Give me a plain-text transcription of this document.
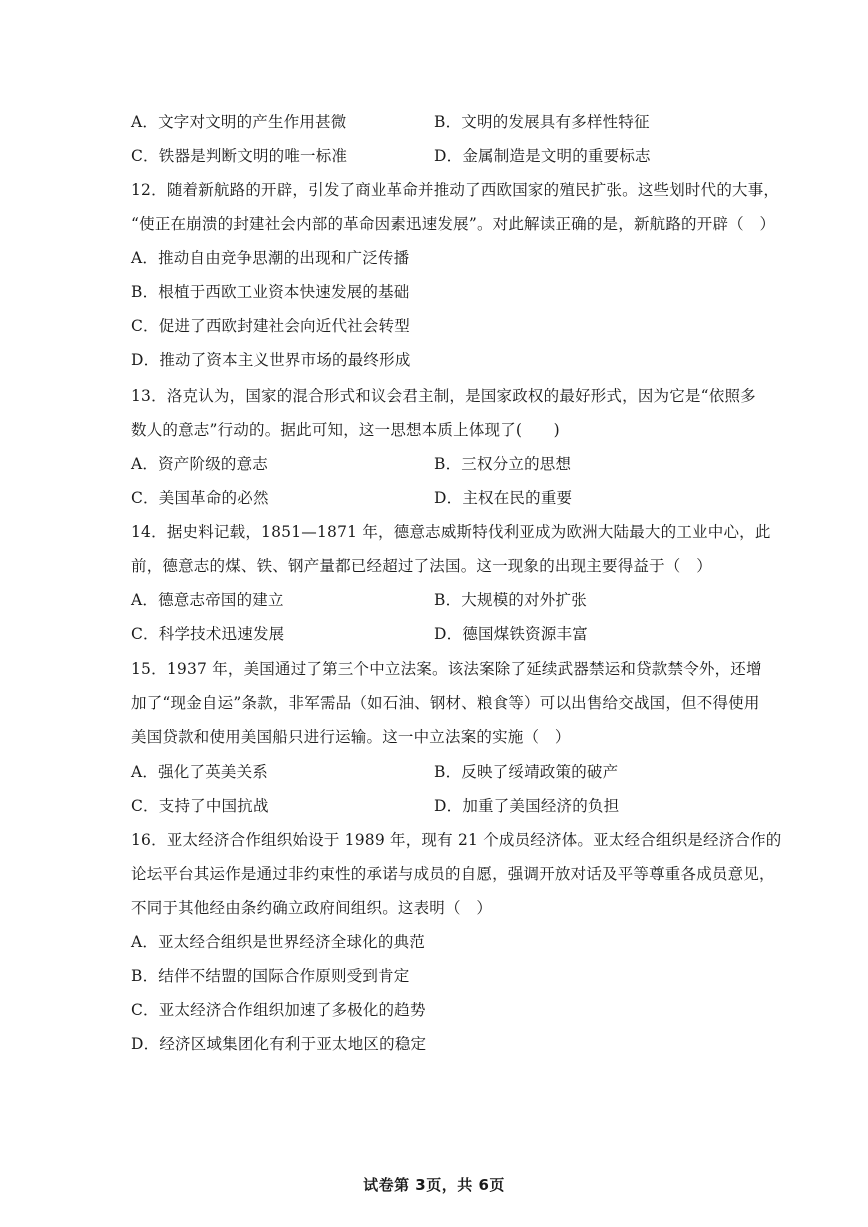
A．文字对文明的产生作用甚微	B．文明的发展具有多样性特征
C．铁器是判断文明的唯一标准	D．金属制造是文明的重要标志
12．随着新航路的开辟，引发了商业革命并推动了西欧国家的殖民扩张。这些划时代的大事，
“使正在崩溃的封建社会内部的革命因素迅速发展”。对此解读正确的是，新航路的开辟（　）
A．推动自由竞争思潮的出现和广泛传播
B．根植于西欧工业资本快速发展的基础
C．促进了西欧封建社会向近代社会转型
D．推动了资本主义世界市场的最终形成
13．洛克认为，国家的混合形式和议会君主制，是国家政权的最好形式，因为它是“依照多
数人的意志”行动的。据此可知，这一思想本质上体现了(　　)
A．资产阶级的意志	B．三权分立的思想
C．美国革命的必然	D．主权在民的重要
14．据史料记载，1851—1871 年，德意志威斯特伐利亚成为欧洲大陆最大的工业中心，此
前，德意志的煤、铁、钢产量都已经超过了法国。这一现象的出现主要得益于（　）
A．德意志帝国的建立	B．大规模的对外扩张
C．科学技术迅速发展	D．德国煤铁资源丰富
15．1937 年，美国通过了第三个中立法案。该法案除了延续武器禁运和贷款禁令外，还增
加了“现金自运”条款，非军需品（如石油、钢材、粮食等）可以出售给交战国，但不得使用
美国贷款和使用美国船只进行运输。这一中立法案的实施（　）
A．强化了英美关系	B．反映了绥靖政策的破产
C．支持了中国抗战	D．加重了美国经济的负担
16．亚太经济合作组织始设于 1989 年，现有 21 个成员经济体。亚太经合组织是经济合作的
论坛平台其运作是通过非约束性的承诺与成员的自愿，强调开放对话及平等尊重各成员意见，
不同于其他经由条约确立政府间组织。这表明（　）
A．亚太经合组织是世界经济全球化的典范
B．结伴不结盟的国际合作原则受到肯定
C．亚太经济合作组织加速了多极化的趋势
D．经济区域集团化有利于亚太地区的稳定
试卷第 3页，共 6页
